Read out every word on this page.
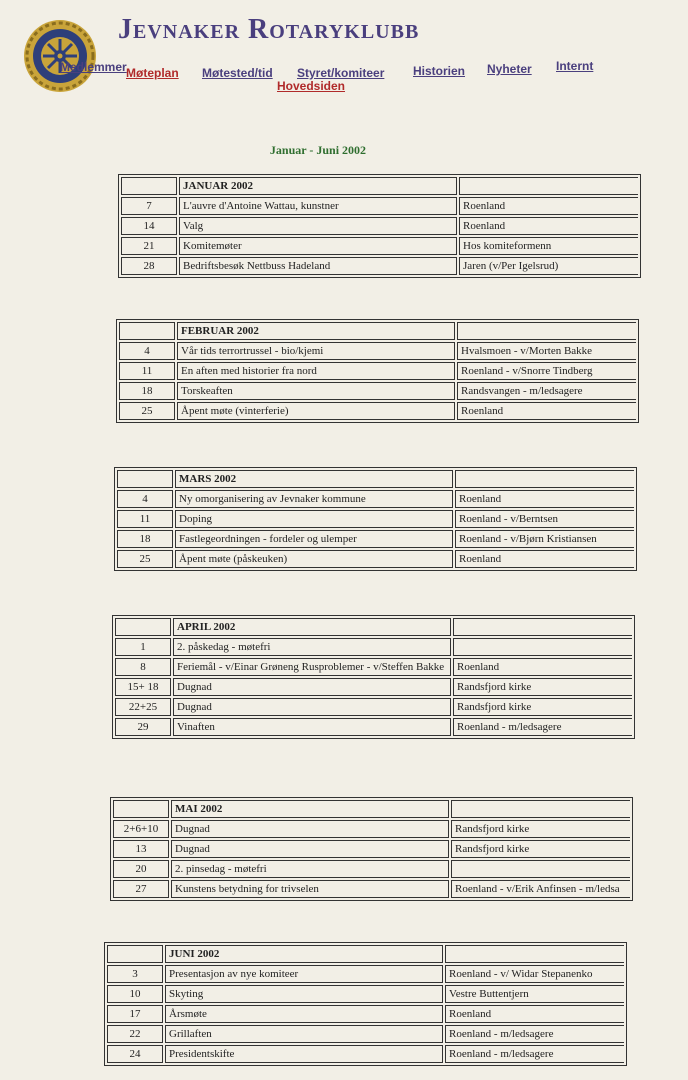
Jevnaker Rotaryklubb
Medlemmer Møteplan Møtested/tid Styret/komiteer Historien Nyheter Internt
Hovedsiden
Januar - Juni 2002
	JANUAR 2002	
7	L'auvre d'Antoine Wattau, kunstner	Roenland
14	Valg	Roenland
21	Komitemøter	Hos komiteformenn
28	Bedriftsbesøk Nettbuss Hadeland	Jaren (v/Per Igelsrud)
	FEBRUAR 2002	
4	Vår tids terrortrussel - bio/kjemi	Hvalsmoen - v/Morten Bakke
11	En aften med historier fra nord	Roenland - v/Snorre Tindberg
18	Torskeaften	Randsvangen - m/ledsagere
25	Åpent møte (vinterferie)	Roenland
	MARS 2002	
4	Ny omorganisering av Jevnaker kommune	Roenland
11	Doping	Roenland - v/Berntsen
18	Fastlegeordningen - fordeler og ulemper	Roenland - v/Bjørn Kristiansen
25	Åpent møte (påskeuken)	Roenland
	APRIL 2002	
1	2. påskedag - møtefri	
8	Feriemål - v/Einar Grøneng Rusproblemer - v/Steffen Bakke	Roenland
15+ 18	Dugnad	Randsfjord kirke
22+25	Dugnad	Randsfjord kirke
29	Vinaften	Roenland - m/ledsagere
	MAI 2002	
2+6+10	Dugnad	Randsfjord kirke
13	Dugnad	Randsfjord kirke
20	2. pinsedag - møtefri	
27	Kunstens betydning for trivselen	Roenland - v/Erik Anfinsen - m/ledsa
	JUNI 2002	
3	Presentasjon av nye komiteer	Roenland - v/ Widar Stepanenko
10	Skyting	Vestre Buttentjern
17	Årsmøte	Roenland
22	Grillaften	Roenland - m/ledsagere
24	Presidentskifte	Roenland - m/ledsagere
